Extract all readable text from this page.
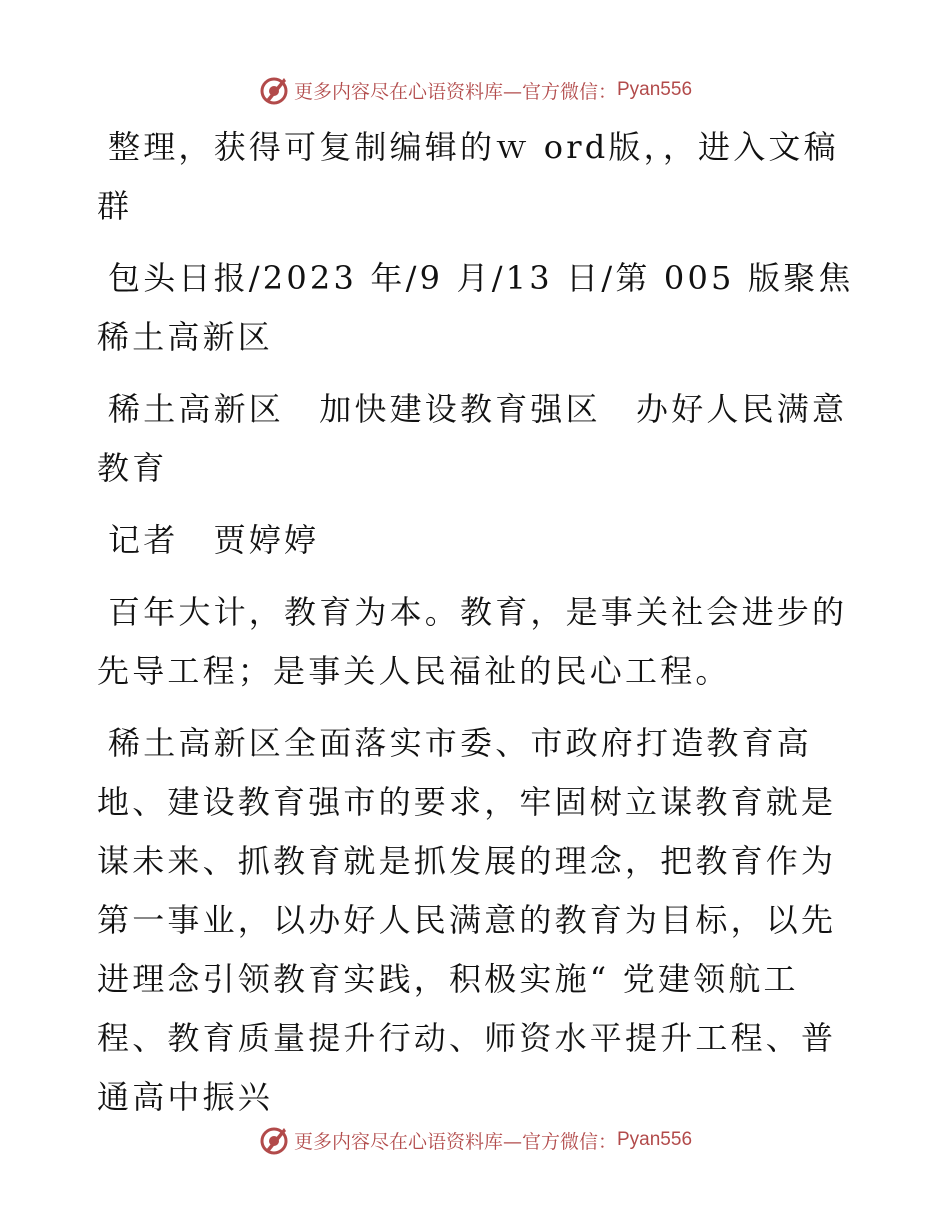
更多内容尽在心语资料库—官方微信： Pyan556

整理，获得可复制编辑的ｗ ord版，，进入文稿群

包头日报/2023 年/9 月/13 日/第 005 版聚焦稀土高新区

稀土高新区　加快建设教育强区　办好人民满意教育

记者　贾婷婷

百年大计，教育为本。教育，是事关社会进步的先导工程；是事关人民福祉的民心工程。

稀土高新区全面落实市委、市政府打造教育高地、建设教育强市的要求，牢固树立谋教育就是谋未来、抓教育就是抓发展的理念，把教育作为第一事业，以办好人民满意的教育为目标，以先进理念引领教育实践，积极实施“ 党建领航工程、教育质量提升行动、师资水平提升工程、普通高中振兴

更多内容尽在心语资料库—官方微信： Pyan556
